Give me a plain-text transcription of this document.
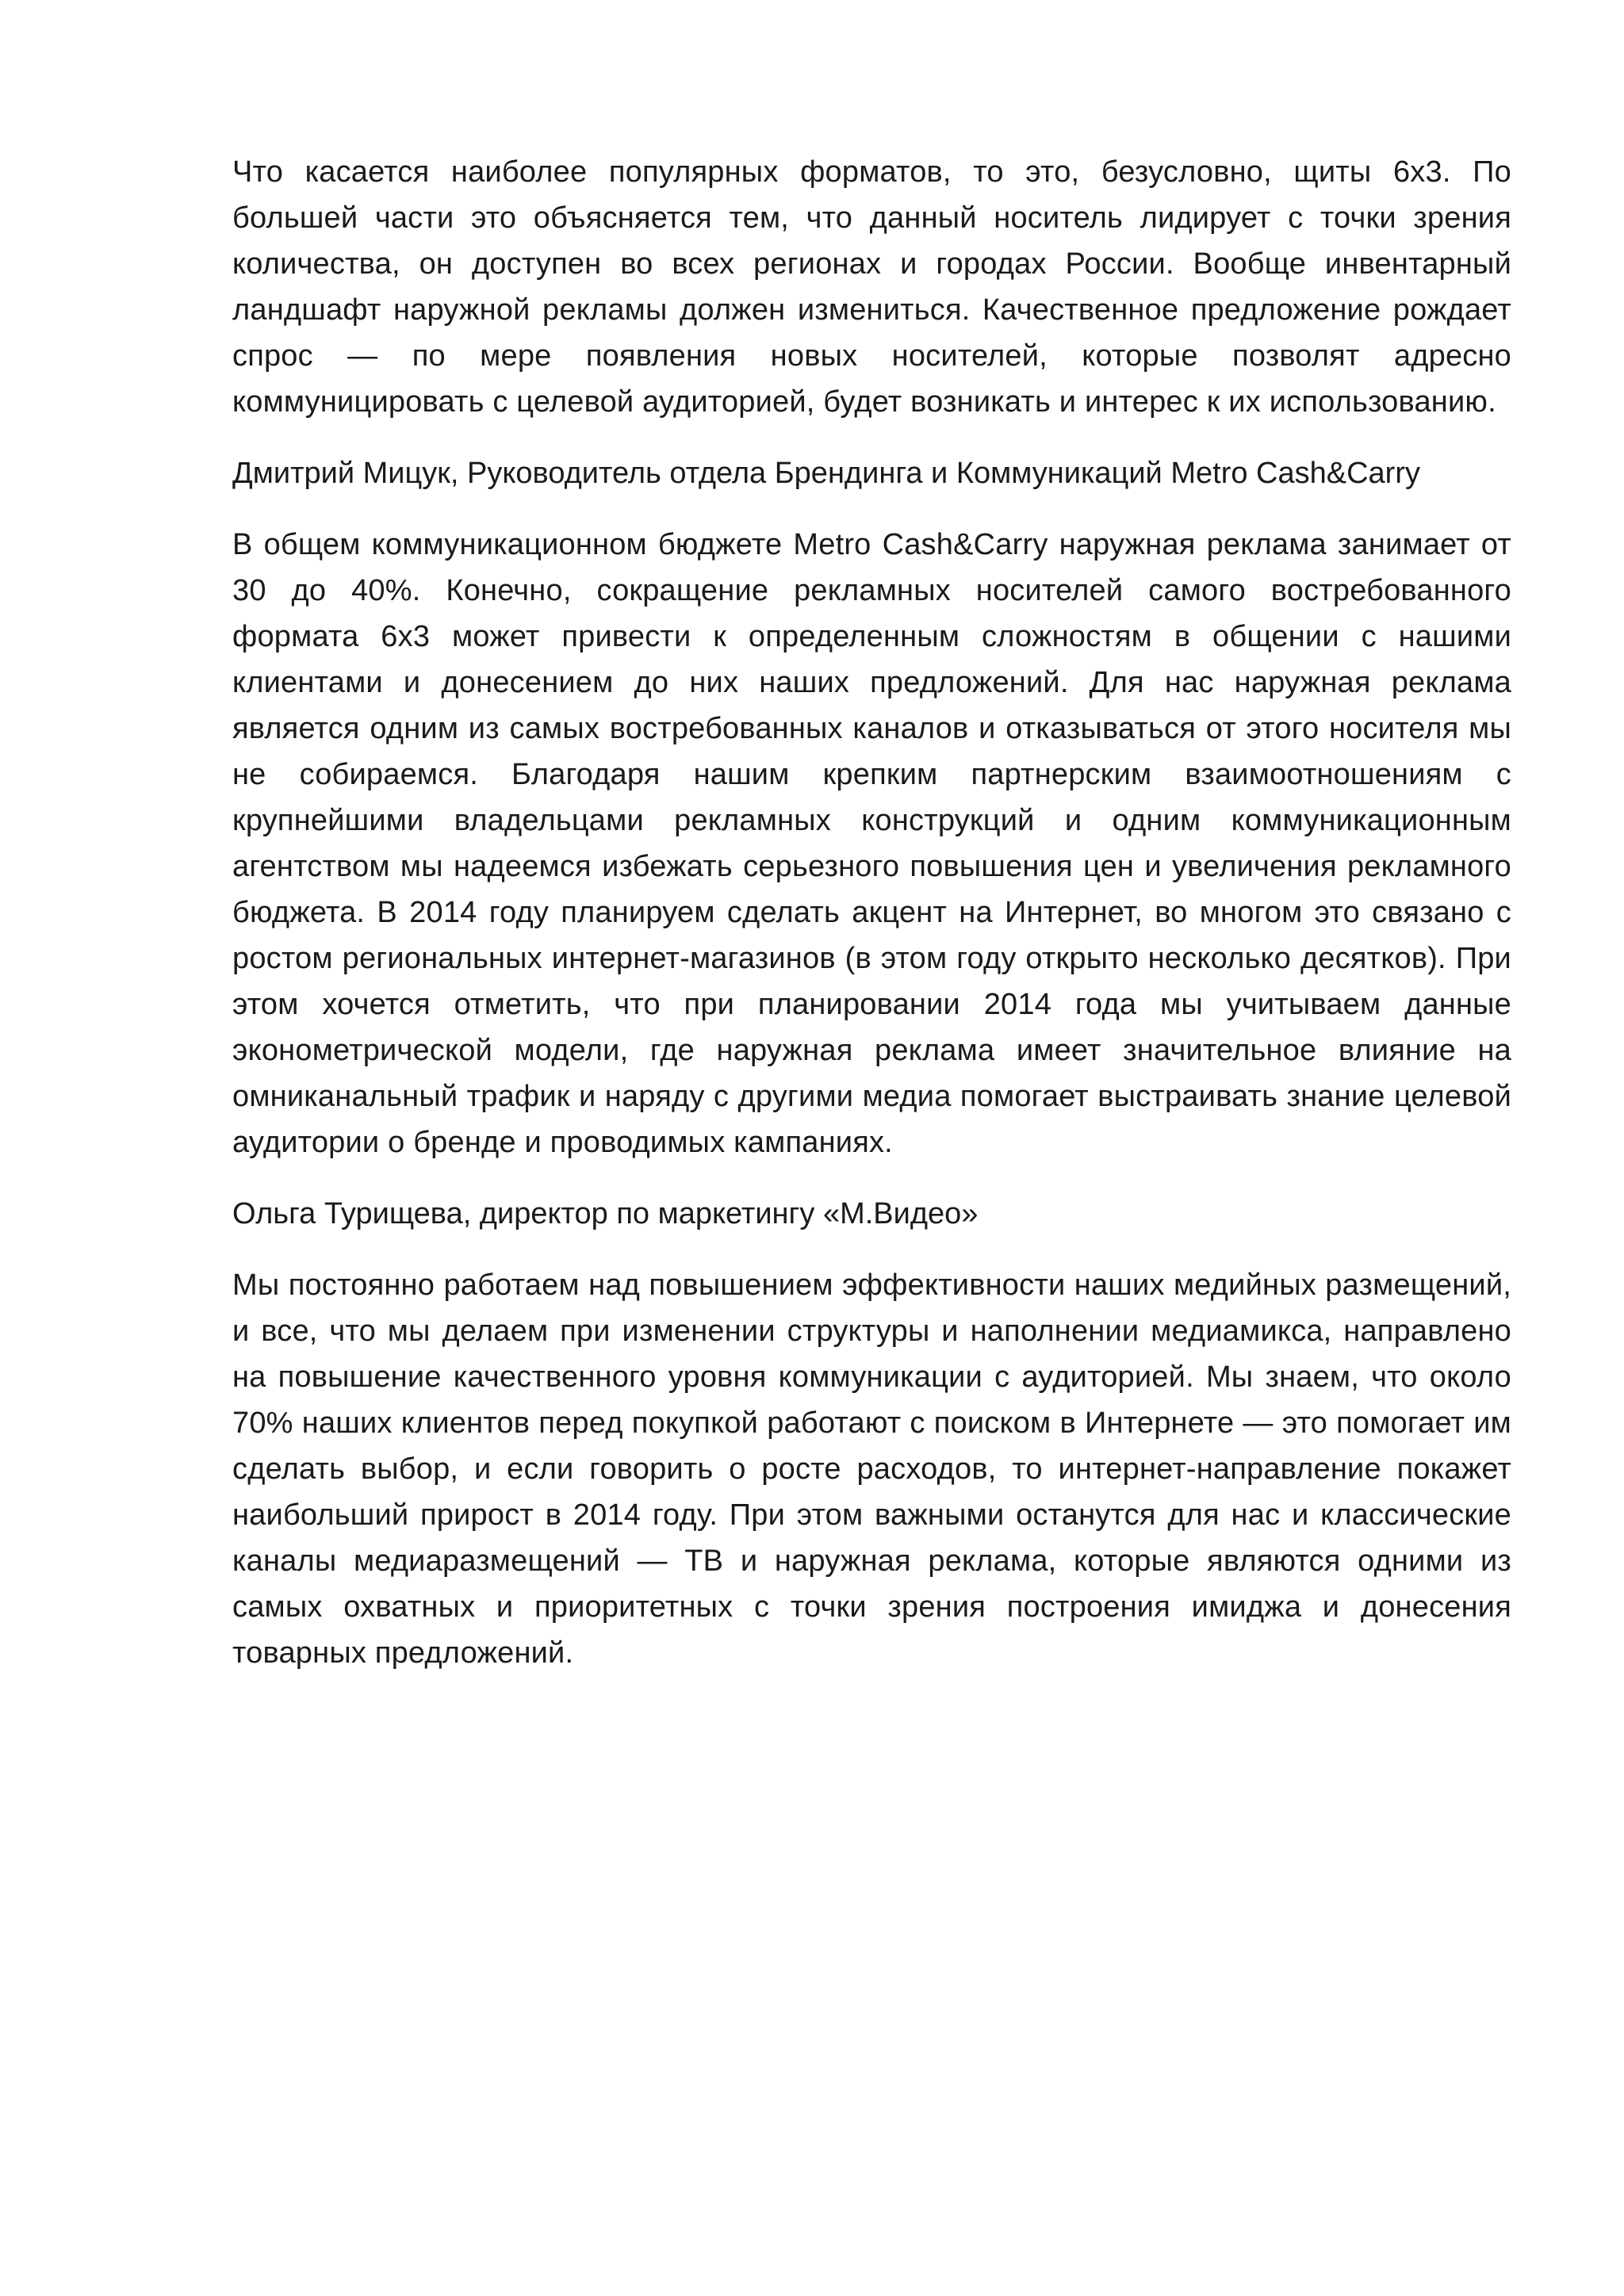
Что касается наиболее популярных форматов, то это, безусловно, щиты 6х3. По большей части это объясняется тем, что данный носитель лидирует с точки зрения количества, он доступен во всех регионах и городах России. Вообще инвентарный ландшафт наружной рекламы должен измениться. Качественное предложение рождает спрос — по мере появления новых носителей, которые позволят адресно коммуницировать с целевой аудиторией, будет возникать и интерес к их использованию.

Дмитрий Мицук, Руководитель отдела Брендинга и Коммуникаций Metro Cash&Carry

В общем коммуникационном бюджете Metro Cash&Carry наружная реклама занимает от 30 до 40%. Конечно, сокращение рекламных носителей самого востребованного формата 6х3 может привести к определенным сложностям в общении с нашими клиентами и донесением до них наших предложений. Для нас наружная реклама является одним из самых востребованных каналов и отказываться от этого носителя мы не собираемся. Благодаря нашим крепким партнерским взаимоотношениям с крупнейшими владельцами рекламных конструкций и одним коммуникационным агентством мы надеемся избежать серьезного повышения цен и увеличения рекламного бюджета. В 2014 году планируем сделать акцент на Интернет, во многом это связано с ростом региональных интернет-магазинов (в этом году открыто несколько десятков). При этом хочется отметить, что при планировании 2014 года мы учитываем данные эконометрической модели, где наружная реклама имеет значительное влияние на омниканальный трафик и наряду с другими медиа помогает выстраивать знание целевой аудитории о бренде и проводимых кампаниях.

Ольга Турищева, директор по маркетингу «М.Видео»

Мы постоянно работаем над повышением эффективности наших медийных размещений, и все, что мы делаем при изменении структуры и наполнении медиамикса, направлено на повышение качественного уровня коммуникации с аудиторией. Мы знаем, что около 70% наших клиентов перед покупкой работают с поиском в Интернете — это помогает им сделать выбор, и если говорить о росте расходов, то интернет-направление покажет наибольший прирост в 2014 году. При этом важными останутся для нас и классические каналы медиаразмещений — ТВ и наружная реклама, которые являются одними из самых охватных и приоритетных с точки зрения построения имиджа и донесения товарных предложений.
